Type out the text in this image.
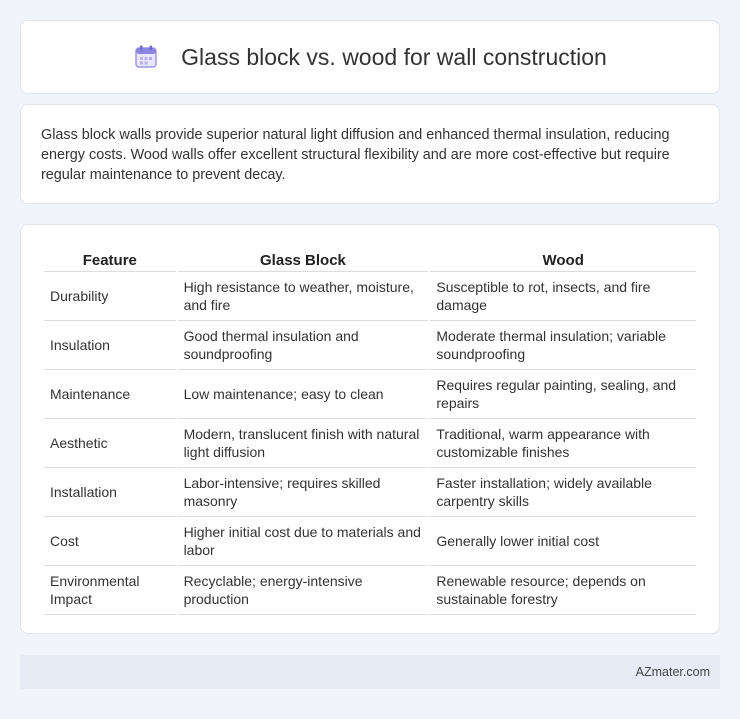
Glass block vs. wood for wall construction

Glass block walls provide superior natural light diffusion and enhanced thermal insulation, reducing energy costs. Wood walls offer excellent structural flexibility and are more cost-effective but require regular maintenance to prevent decay.

Feature	Glass Block	Wood
Durability	High resistance to weather, moisture, and fire	Susceptible to rot, insects, and fire damage
Insulation	Good thermal insulation and soundproofing	Moderate thermal insulation; variable soundproofing
Maintenance	Low maintenance; easy to clean	Requires regular painting, sealing, and repairs
Aesthetic	Modern, translucent finish with natural light diffusion	Traditional, warm appearance with customizable finishes
Installation	Labor-intensive; requires skilled masonry	Faster installation; widely available carpentry skills
Cost	Higher initial cost due to materials and labor	Generally lower initial cost
Environmental Impact	Recyclable; energy-intensive production	Renewable resource; depends on sustainable forestry
AZmater.com
